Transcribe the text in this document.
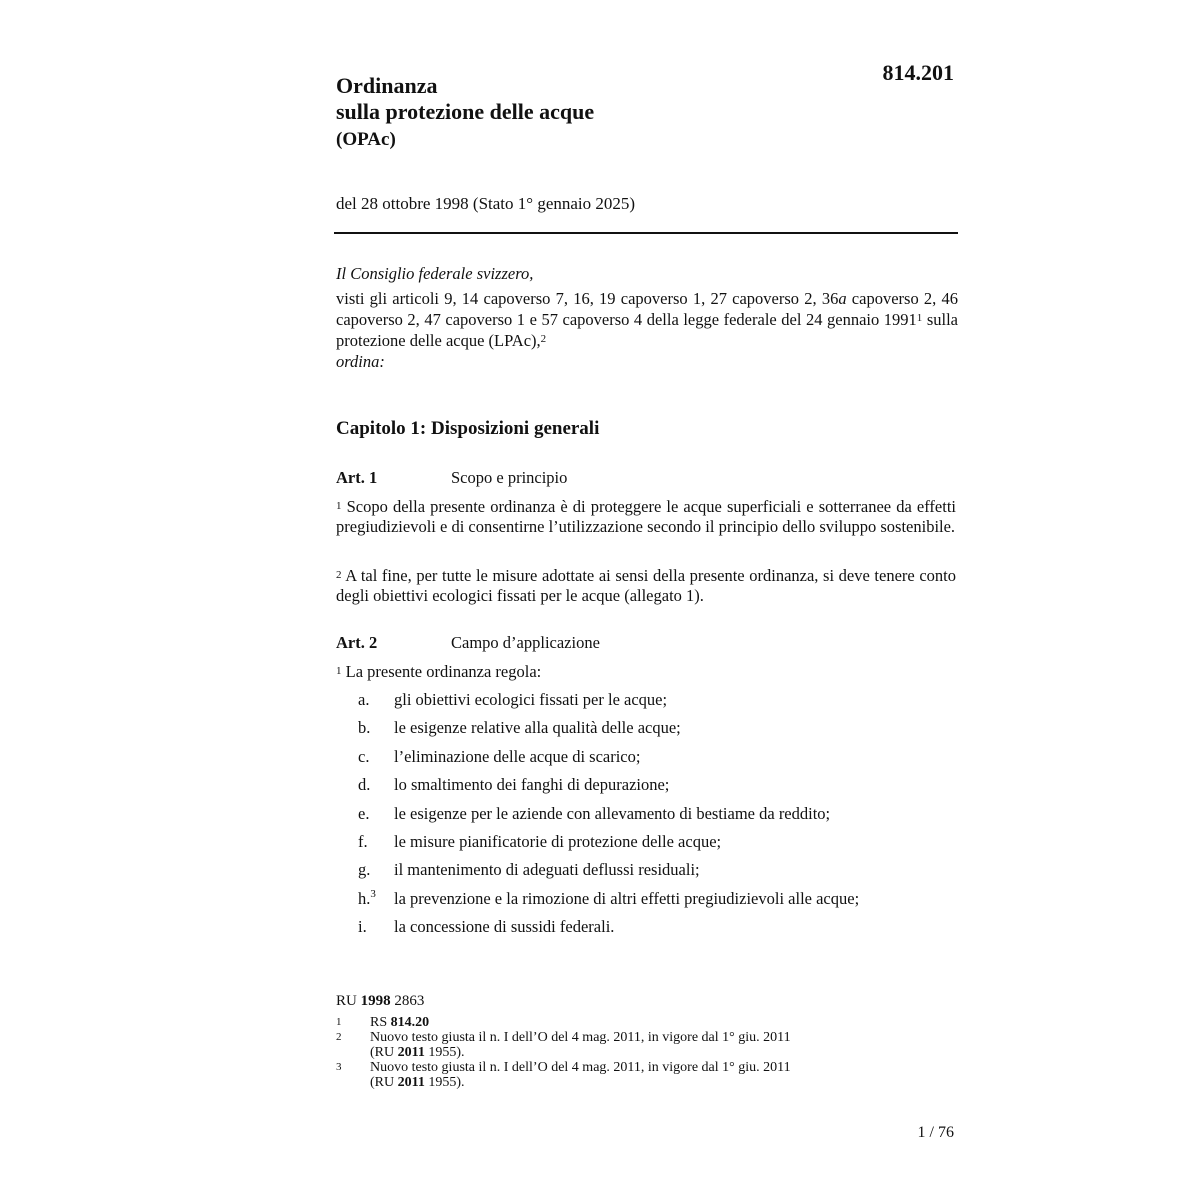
814.201
Ordinanza
sulla protezione delle acque
(OPAc)
del 28 ottobre 1998 (Stato 1° gennaio 2025)
Il Consiglio federale svizzero,
visti gli articoli 9, 14 capoverso 7, 16, 19 capoverso 1, 27 capoverso 2, 36a capoverso 2, 46 capoverso 2, 47 capoverso 1 e 57 capoverso 4 della legge federale del 24 gennaio 1991$^1$ sulla protezione delle acque (LPAc),$^2$
ordina:
Capitolo 1: Disposizioni generali
Art. 1	Scopo e principio
$^1$ Scopo della presente ordinanza è di proteggere le acque superficiali e sotterranee da effetti pregiudizievoli e di consentirne l’utilizzazione secondo il principio dello sviluppo sostenibile.
$^2$ A tal fine, per tutte le misure adottate ai sensi della presente ordinanza, si deve tenere conto degli obiettivi ecologici fissati per le acque (allegato 1).
Art. 2	Campo d’applicazione
$^1$ La presente ordinanza regola:
a.	gli obiettivi ecologici fissati per le acque;
b.	le esigenze relative alla qualità delle acque;
c.	l’eliminazione delle acque di scarico;
d.	lo smaltimento dei fanghi di depurazione;
e.	le esigenze per le aziende con allevamento di bestiame da reddito;
f.	le misure pianificatorie di protezione delle acque;
g.	il mantenimento di adeguati deflussi residuali;
h.$^3$	la prevenzione e la rimozione di altri effetti pregiudizievoli alle acque;
i.	la concessione di sussidi federali.
RU 1998 2863
1	RS 814.20
2	Nuovo testo giusta il n. I dell’O del 4 mag. 2011, in vigore dal 1° giu. 2011
(RU 2011 1955).
3	Nuovo testo giusta il n. I dell’O del 4 mag. 2011, in vigore dal 1° giu. 2011
(RU 2011 1955).
1 / 76
